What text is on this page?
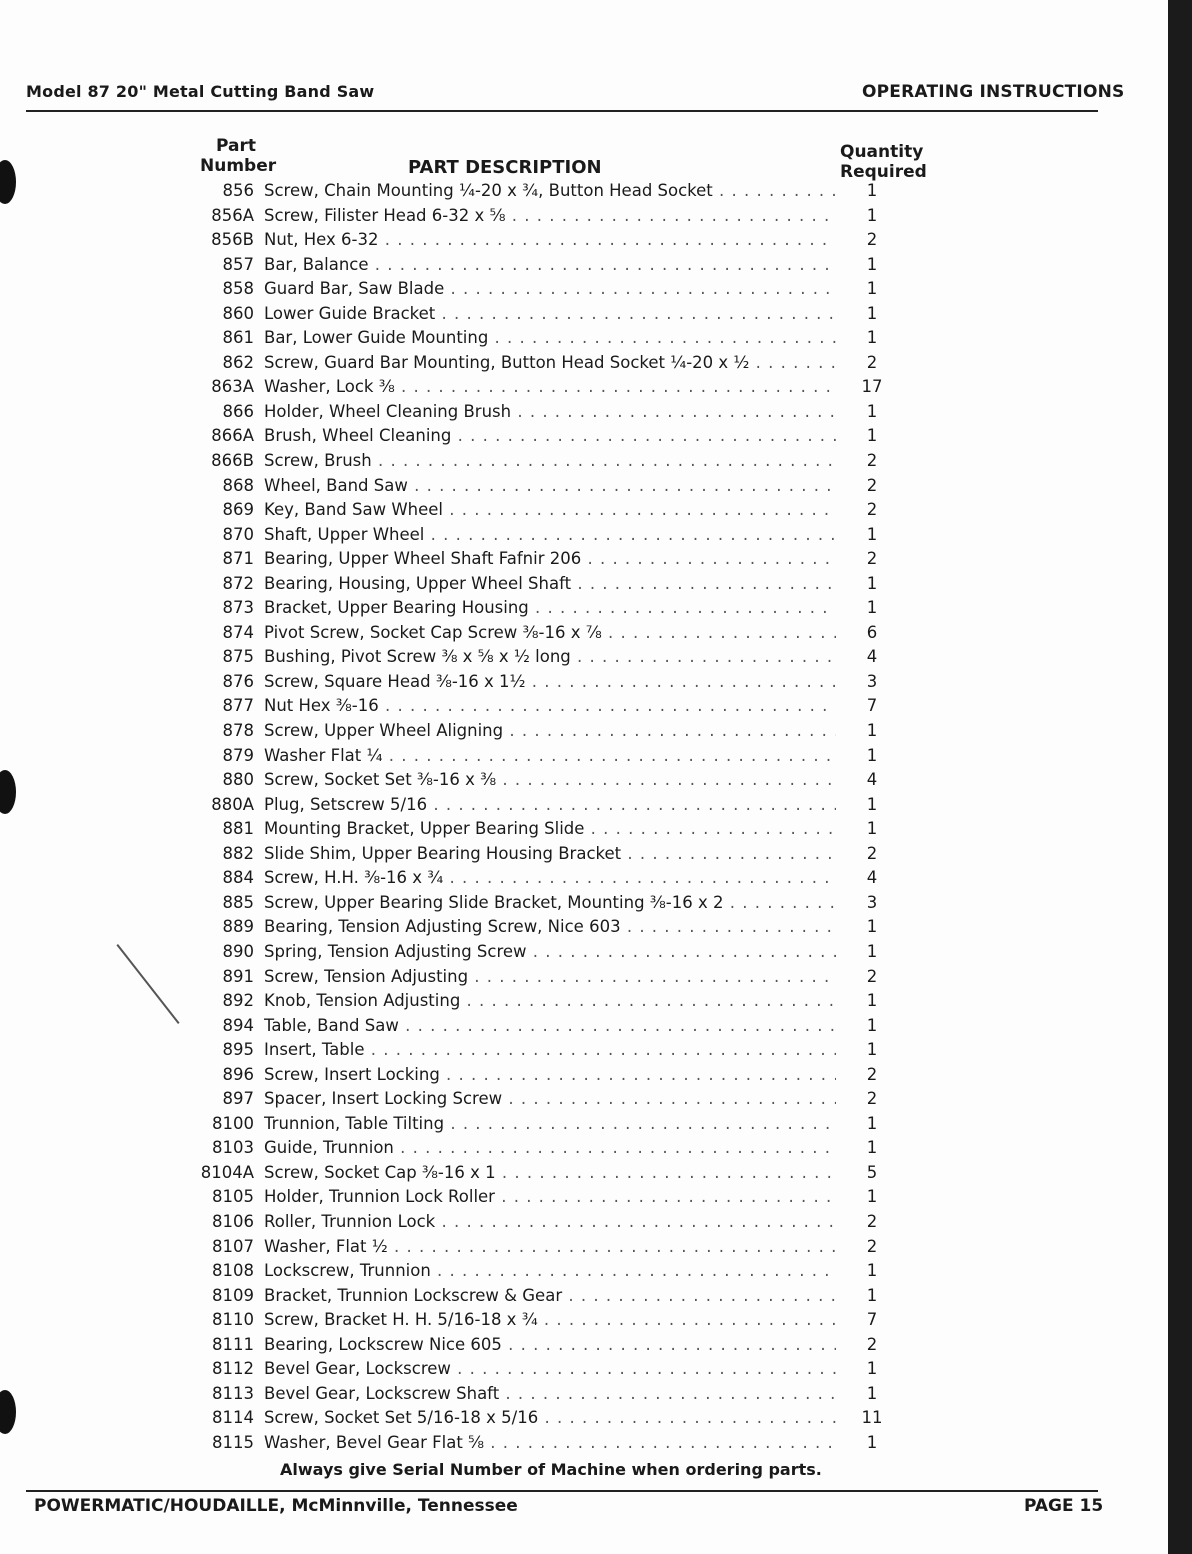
Model 87 20" Metal Cutting Band Saw	OPERATING INSTRUCTIONS
Part
Number	PART DESCRIPTION
Quantity
Required
856 Screw, Chain Mounting ¼-20 x ¾, Button Head Socket . . .	1
856A Screw, Filister Head 6-32 x ⅝ . . .	1
856B Nut, Hex 6-32 . . .	2
857 Bar, Balance . . .	1
858 Guard Bar, Saw Blade . . .	1
860 Lower Guide Bracket . . .	1
861 Bar, Lower Guide Mounting . . .	1
862 Screw, Guard Bar Mounting, Button Head Socket ¼-20 x ½ . . .	2
863A Washer, Lock ⅜ . . .	17
866 Holder, Wheel Cleaning Brush . . .	1
866A Brush, Wheel Cleaning . . .	1
866B Screw, Brush . . .	2
868 Wheel, Band Saw . . .	2
869 Key, Band Saw Wheel . . .	2
870 Shaft, Upper Wheel . . .	1
871 Bearing, Upper Wheel Shaft Fafnir 206 . . .	2
872 Bearing, Housing, Upper Wheel Shaft . . .	1
873 Bracket, Upper Bearing Housing . . .	1
874 Pivot Screw, Socket Cap Screw ⅜-16 x ⅞ . . .	6
875 Bushing, Pivot Screw ⅜ x ⅝ x ½ long . . .	4
876 Screw, Square Head ⅜-16 x 1½ . . .	3
877 Nut Hex ⅜-16 . . .	7
878 Screw, Upper Wheel Aligning . . .	1
879 Washer Flat ¼ . . .	1
880 Screw, Socket Set ⅜-16 x ⅜ . . .	4
880A Plug, Setscrew 5/16 . . .	1
881 Mounting Bracket, Upper Bearing Slide . . .	1
882 Slide Shim, Upper Bearing Housing Bracket . . .	2
884 Screw, H.H. ⅜-16 x ¾ . . .	4
885 Screw, Upper Bearing Slide Bracket, Mounting ⅜-16 x 2 . . .	3
889 Bearing, Tension Adjusting Screw, Nice 603 . . .	1
890 Spring, Tension Adjusting Screw . . .	1
891 Screw, Tension Adjusting . . .	2
892 Knob, Tension Adjusting . . .	1
894 Table, Band Saw . . .	1
895 Insert, Table . . .	1
896 Screw, Insert Locking . . .	2
897 Spacer, Insert Locking Screw . . .	2
8100 Trunnion, Table Tilting . . .	1
8103 Guide, Trunnion . . .	1
8104A Screw, Socket Cap ⅜-16 x 1 . . .	5
8105 Holder, Trunnion Lock Roller . . .	1
8106 Roller, Trunnion Lock . . .	2
8107 Washer, Flat ½ . . .	2
8108 Lockscrew, Trunnion . . .	1
8109 Bracket, Trunnion Lockscrew & Gear . . .	1
8110 Screw, Bracket H. H. 5/16-18 x ¾ . . .	7
8111 Bearing, Lockscrew Nice 605 . . .	2
8112 Bevel Gear, Lockscrew . . .	1
8113 Bevel Gear, Lockscrew Shaft . . .	1
8114 Screw, Socket Set 5/16-18 x 5/16 . . .	11
8115 Washer, Bevel Gear Flat ⅝ . . .	1
Always give Serial Number of Machine when ordering parts.
POWERMATIC/HOUDAILLE, McMinnville, Tennessee	PAGE 15
